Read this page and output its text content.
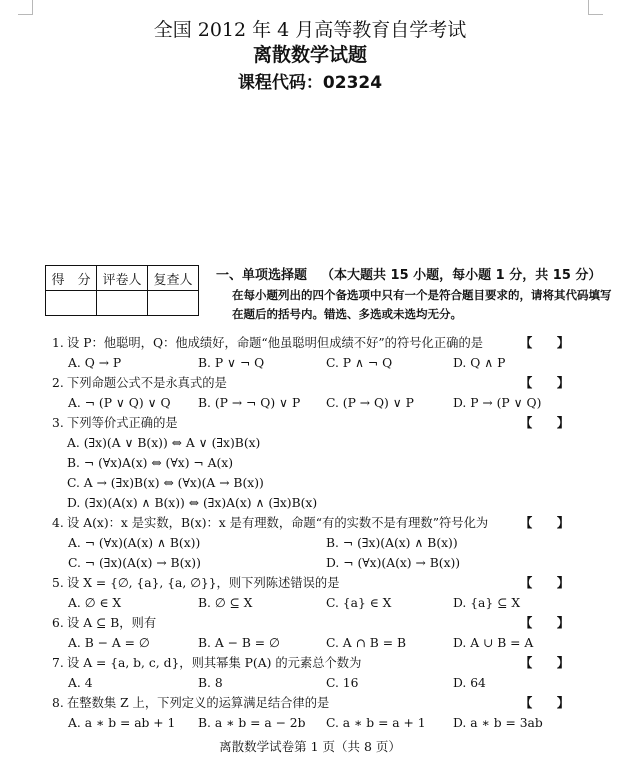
全国 2012 年 4 月高等教育自学考试
离散数学试题
课程代码：02324
得　分	评卷人	复查人
		一、单项选择题 （本大题共 15 小题，每小题 1 分，共 15 分）
在每小题列出的四个备选项中只有一个是符合题目要求的，请将其代码填写在题后的括号内。错选、多选或未选均无分。
1. 设 P：他聪明，Q：他成绩好，命题“他虽聪明但成绩不好”的符号化正确的是	【　　】
A. Q → P	B. P ∨ ¬ Q	C. P ∧ ¬ Q	D. Q ∧ P
2. 下列命题公式不是永真式的是	【　　】
A. ¬ (P ∨ Q) ∨ Q B. (P → ¬ Q) ∨ P C. (P → Q) ∨ P	D. P → (P ∨ Q)
3. 下列等价式正确的是	【　　】
A. (∃x)(A ∨ B(x)) ⇔ A ∨ (∃x)B(x)
B. ¬ (∀x)A(x) ⇔ (∀x) ¬ A(x)
C. A → (∃x)B(x) ⇔ (∀x)(A → B(x))
D. (∃x)(A(x) ∧ B(x)) ⇔ (∃x)A(x) ∧ (∃x)B(x)
4. 设 A(x)：x 是实数，B(x)：x 是有理数，命题“有的实数不是有理数”符号化为	【　　】
A. ¬ (∀x)(A(x) ∧ B(x))	B. ¬ (∃x)(A(x) ∧ B(x))
C. ¬ (∃x)(A(x) → B(x))	D. ¬ (∀x)(A(x) → B(x))
5. 设 X = {∅, {a}, {a, ∅}}，则下列陈述错误的是	【　　】
A. ∅ ∈ X	B. ∅ ⊆ X	C. {a} ∈ X	D. {a} ⊆ X
6. 设 A ⊆ B，则有	【　　】
A. B − A = ∅	B. A − B = ∅	C. A ∩ B = B	D. A ∪ B = A
7. 设 A = {a, b, c, d}，则其幂集 P(A) 的元素总个数为	【　　】
A. 4	B. 8	C. 16	D. 64
8. 在整数集 Z 上，下列定义的运算满足结合律的是	【　　】
A. a ∗ b = ab + 1 B. a ∗ b = a − 2b C. a ∗ b = a + 1 D. a ∗ b = 3ab
离散数学试卷第 1 页（共 8 页）
